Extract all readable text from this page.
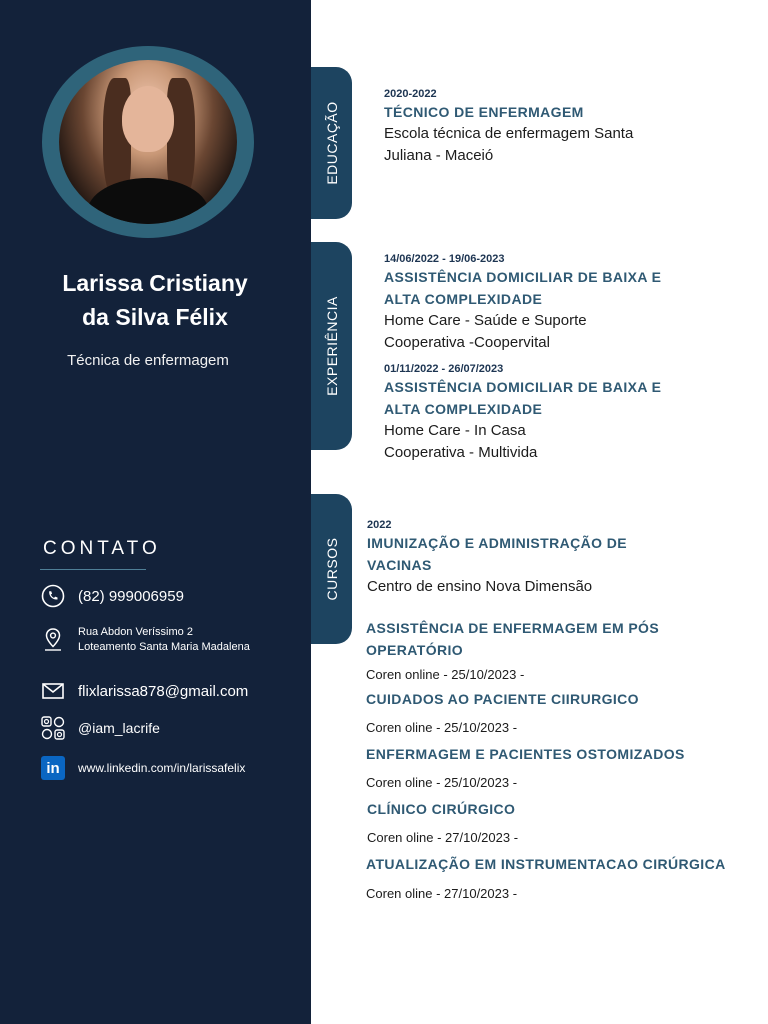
Larissa Cristiany
da Silva Félix
Técnica de enfermagem
CONTATO
(82) 999006959
Rua Abdon Veríssimo 2
Loteamento Santa Maria Madalena
flixlarissa878@gmail.com
@iam_lacrife
in	www.linkedin.com/in/larissafelix
EDUCAÇÃO
EXPERIÊNCIA
CURSOS
2020-2022
TÉCNICO DE ENFERMAGEM
Escola técnica de enfermagem Santa
Juliana - Maceió
14/06/2022 - 19/06-2023
ASSISTÊNCIA DOMICILIAR DE BAIXA E
ALTA COMPLEXIDADE
Home Care - Saúde e Suporte
Cooperativa -Coopervital
01/11/2022 - 26/07/2023
ASSISTÊNCIA DOMICILIAR DE BAIXA E
ALTA COMPLEXIDADE
Home Care - In Casa
Cooperativa - Multivida
2022
IMUNIZAÇÃO E ADMINISTRAÇÃO DE
VACINAS
Centro de ensino Nova Dimensão
ASSISTÊNCIA DE ENFERMAGEM EM PÓS
OPERATÓRIO
Coren online - 25/10/2023 -
CUIDADOS AO PACIENTE CIIRURGICO
Coren oline - 25/10/2023 -
ENFERMAGEM E PACIENTES OSTOMIZADOS
Coren oline - 25/10/2023 -
CLÍNICO CIRÚRGICO
Coren oline - 27/10/2023 -
ATUALIZAÇÃO EM INSTRUMENTACAO CIRÚRGICA
Coren oline - 27/10/2023 -
